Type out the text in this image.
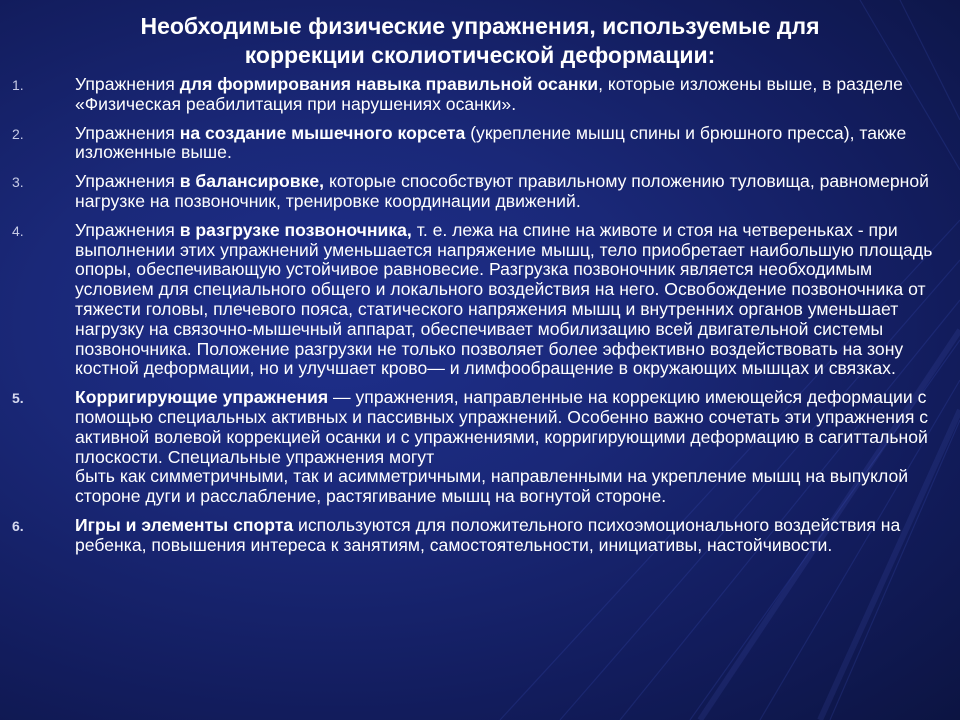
Необходимые физические упражнения, используемые для
коррекции сколиотической деформации:
1.	Упражнения для формирования навыка правильной осанки, которые изложены выше, в разделе «Физическая реабилитация при нарушениях осанки».
2.	Упражнения на создание мышечного корсета (укрепление мышц спины и брюшного пресса), также изложенные выше.
3.	Упражнения в балансировке, которые способствуют правильному положению туловища, равномерной нагрузке на позвоночник, тренировке координации движений.
4.	Упражнения в разгрузке позвоночника, т. е. лежа на спине на животе и стоя на четвереньках - при выполнении этих упражнений уменьшается напряжение мышц, тело приобретает наибольшую площадь опоры, обеспечивающую устойчивое равновесие. Разгрузка позвоночник является необходимым условием для специального общего и локального воздействия на него. Освобождение позвоночника от тяжести головы, плечевого пояса, статического напряжения мышц и внутренних органов уменьшает нагрузку на связочно-мышечный аппарат, обеспечивает мобилизацию всей двигательной системы позвоночника. Положение разгрузки не только позволяет более эффективно воздействовать на зону костной деформации, но и улучшает крово— и лимфообращение в окружающих мышцах и связках.
5.	Корригирующие упражнения — упражнения, направленные на коррекцию имеющейся деформации с помощью специальных активных и пассивных упражнений. Особенно важно сочетать эти упражнения с активной волевой коррекцией осанки и с упражнениями, корригирующими деформацию в сагиттальной плоскости. Специальные упражнения могут
быть как симметричными, так и асимметричными, направленными на укрепление мышц на выпуклой стороне дуги и расслабление, растягивание мышц на вогнутой стороне.
6.	Игры и элементы спорта используются для положительного психоэмоционального воздействия на ребенка, повышения интереса к занятиям, самостоятельности, инициативы, настойчивости.
